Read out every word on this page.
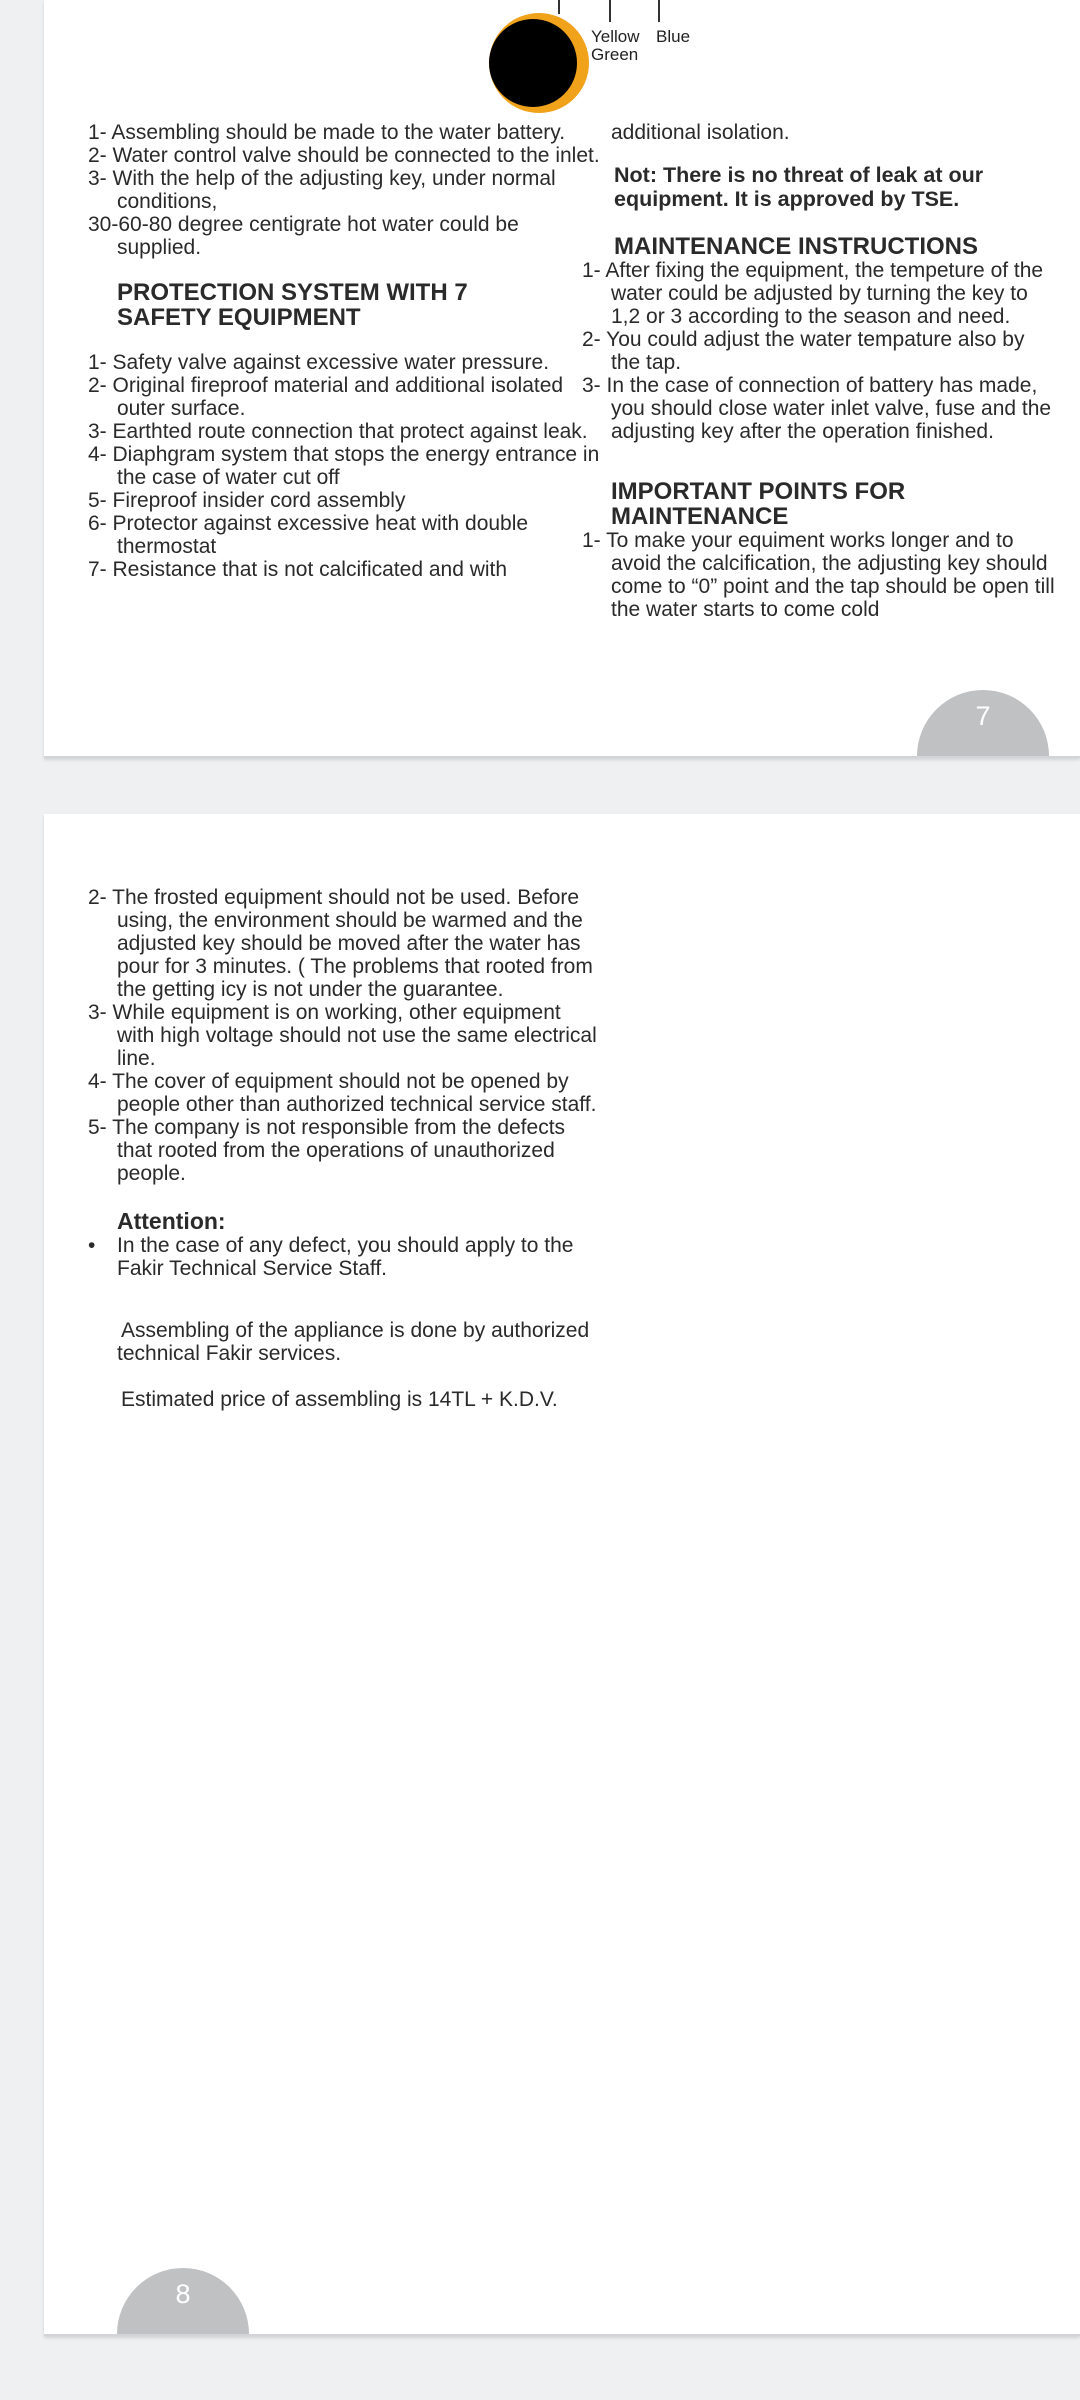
Yellow
Green
Blue

1- Assembling should be made to the water battery.

2- Water control valve should be connected to the inlet.

3- With the help of the adjusting key, under normal conditions,

30-60-80 degree centigrate hot water could be supplied.

PROTECTION SYSTEM WITH 7 SAFETY EQUIPMENT

1- Safety valve against excessive water pressure.

2- Original fireproof material and additional isolated outer surface.

3- Earthted route connection that protect against leak.

4- Diaphgram system that stops the energy entrance in the case of water cut off

5- Fireproof insider cord assembly

6- Protector against excessive heat with double thermostat

7- Resistance that is not calcificated and with

additional isolation.

Not: There is no threat of leak at our equipment. It is approved by TSE.

MAINTENANCE INSTRUCTIONS

1- After fixing the equipment, the tempeture of the water could be adjusted by turning the key to 1,2 or 3 according to the season and need.

2- You could adjust the water tempature also by the tap.

3- In the case of connection of battery has made, you should close water inlet valve, fuse and the adjusting key after the operation finished.

IMPORTANT POINTS FOR MAINTENANCE

1- To make your equiment works longer and to avoid the calcification, the adjusting key should come to “0” point and the tap should be open till the water starts to come cold

7

2- The frosted equipment should not be used. Before using, the environment should be warmed and the adjusted key should be moved after the water has pour for 3 minutes. ( The problems that rooted from the getting icy is not under the guarantee.

3- While equipment is on working, other equipment with high voltage should not use the same electrical line.

4- The cover of equipment should not be opened by people other than authorized technical service staff.

5- The company is not responsible from the defects that rooted from the operations of unauthorized people.

Attention:

• In the case of any defect, you should apply to the Fakir Technical Service Staff.

Assembling of the appliance is done by authorized technical Fakir services.

Estimated price of assembling is 14TL + K.D.V.

8
